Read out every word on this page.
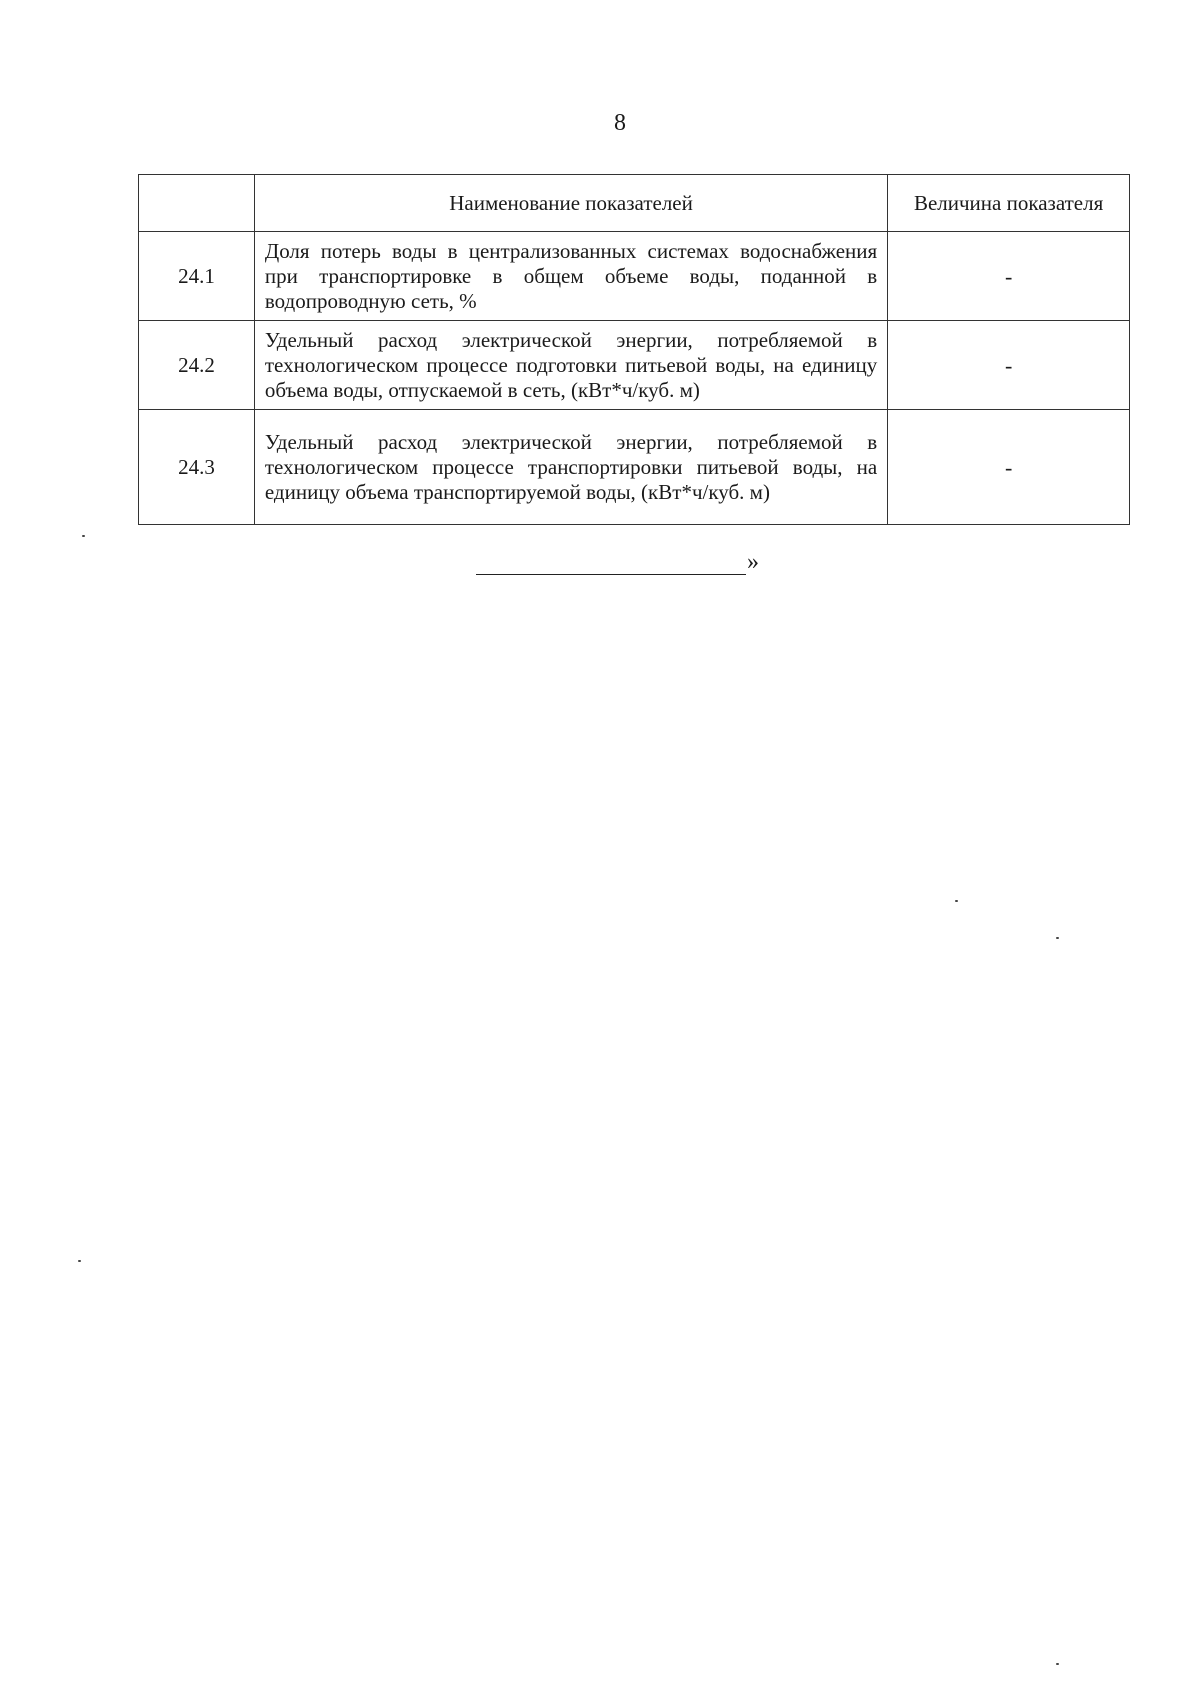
8
	Наименование показателей	Величина показателя
24.1	Доля потерь воды в централизованных системах водоснабжения при транспортировке в общем объеме воды, поданной в водопроводную сеть, %	-
24.2	Удельный расход электрической энергии, потребляемой в технологическом процессе подготовки питьевой воды, на единицу объема воды, отпускаемой в сеть, (кВт*ч/куб. м)	-
24.3	Удельный расход электрической энергии, потребляемой в технологическом процессе транспортировки питьевой воды, на единицу объема транспортируемой воды, (кВт*ч/куб. м)	-
»
